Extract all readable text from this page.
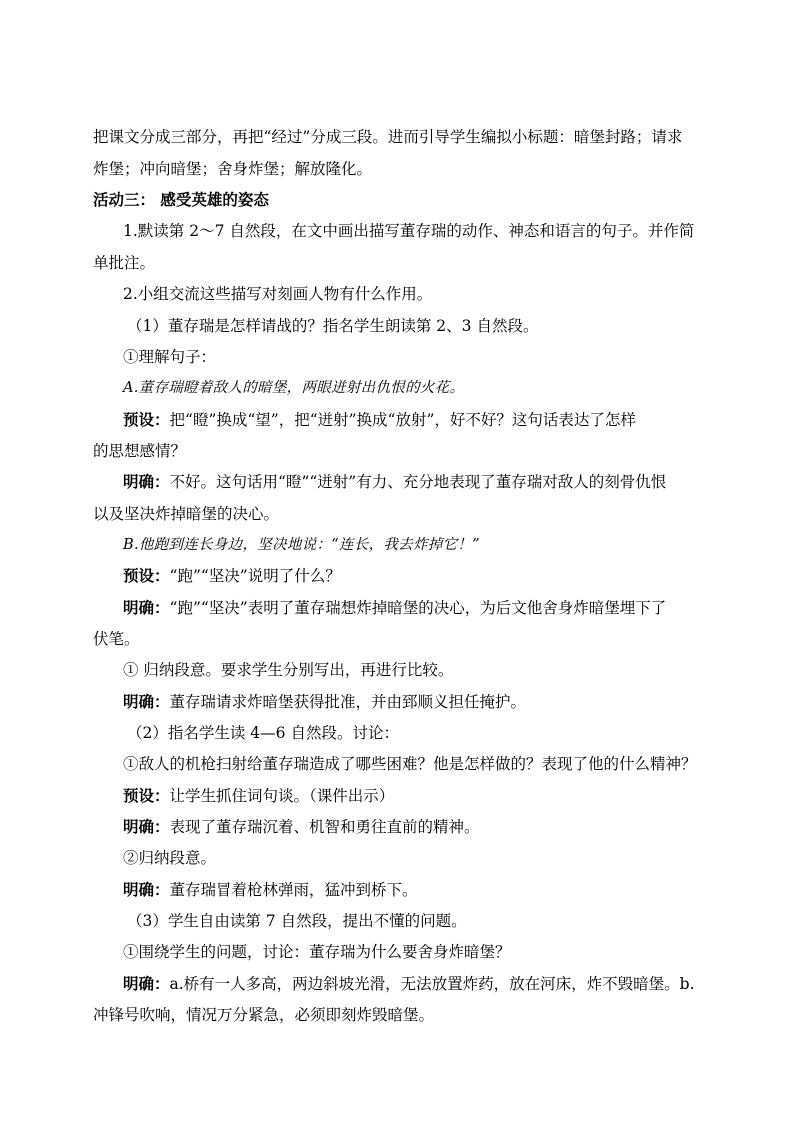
把课文分成三部分，再把“经过”分成三段。进而引导学生编拟小标题：暗堡封路；请求
炸堡；冲向暗堡；舍身炸堡；解放隆化。
活动三： 感受英雄的姿态
1.默读第 2～7 自然段，在文中画出描写董存瑞的动作、神态和语言的句子。并作简
单批注。
2.小组交流这些描写对刻画人物有什么作用。
（1）董存瑞是怎样请战的？指名学生朗读第 2、3 自然段。
①理解句子：
A.董存瑞瞪着敌人的暗堡，两眼迸射出仇恨的火花。
预设：把“瞪”换成“望”，把“迸射”换成“放射”，好不好？这句话表达了怎样
的思想感情？
明确：不好。这句话用“瞪”“迸射”有力、充分地表现了董存瑞对敌人的刻骨仇恨
以及坚决炸掉暗堡的决心。
B.他跑到连长身边，坚决地说：“连长，我去炸掉它！”
预设：“跑”“坚决”说明了什么？
明确：“跑”“坚决”表明了董存瑞想炸掉暗堡的决心，为后文他舍身炸暗堡埋下了
伏笔。
① 归纳段意。要求学生分别写出，再进行比较。
明确：董存瑞请求炸暗堡获得批准，并由郅顺义担任掩护。
（2）指名学生读 4—6 自然段。讨论：
①敌人的机枪扫射给董存瑞造成了哪些困难？他是怎样做的？表现了他的什么精神？
预设：让学生抓住词句谈。（课件出示）
明确：表现了董存瑞沉着、机智和勇往直前的精神。
②归纳段意。
明确：董存瑞冒着枪林弹雨，猛冲到桥下。
（3）学生自由读第 7 自然段，提出不懂的问题。
①围绕学生的问题，讨论：董存瑞为什么要舍身炸暗堡？
明确：a.桥有一人多高，两边斜坡光滑，无法放置炸药，放在河床，炸不毁暗堡。b.
冲锋号吹响，情况万分紧急，必须即刻炸毁暗堡。
